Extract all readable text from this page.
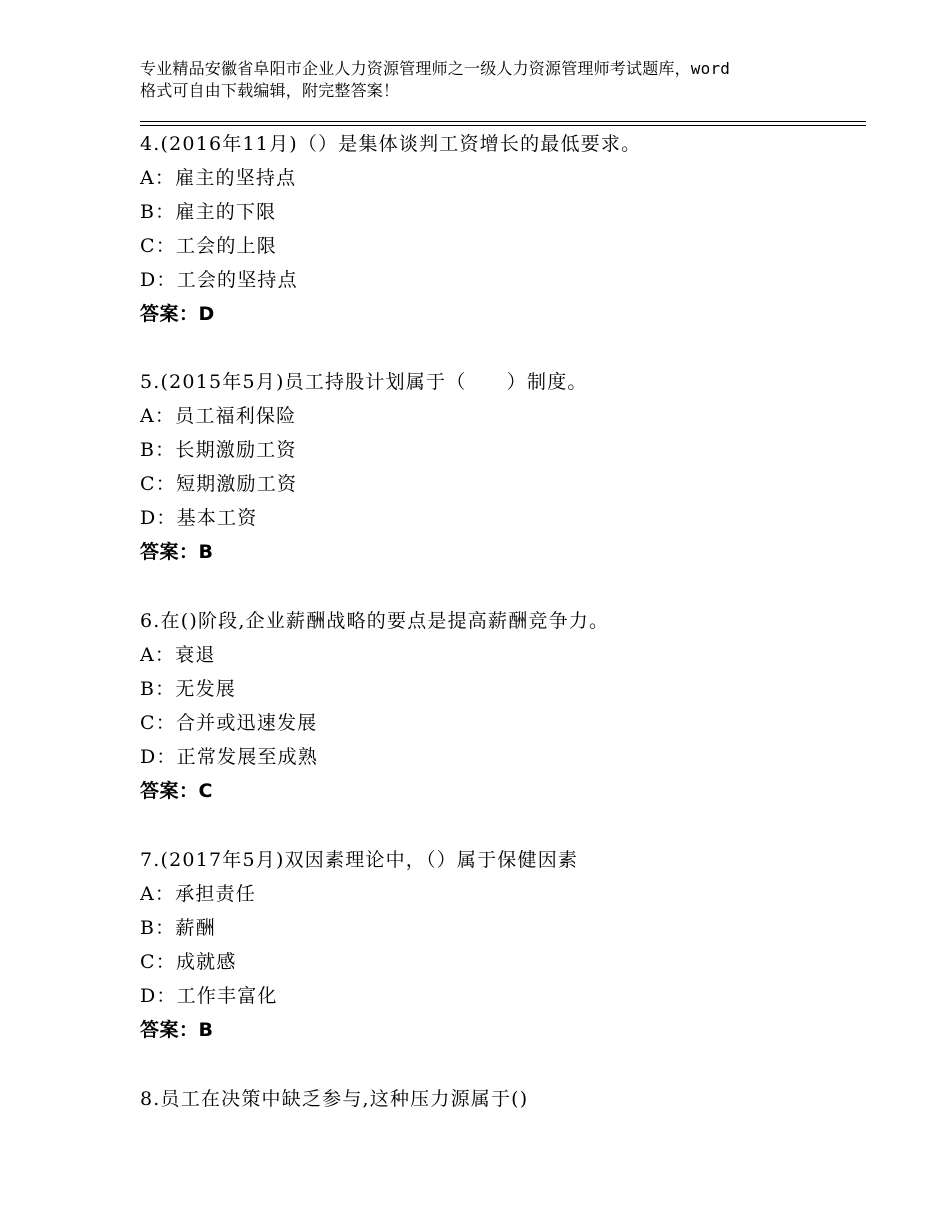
专业精品安徽省阜阳市企业人力资源管理师之一级人力资源管理师考试题库，word
格式可自由下载编辑，附完整答案！
4.(2016年11月)（）是集体谈判工资增长的最低要求。
A：雇主的坚持点
B：雇主的下限
C：工会的上限
D：工会的坚持点
答案：D
5.(2015年5月)员工持股计划属于（　　）制度。
A：员工福利保险
B：长期激励工资
C：短期激励工资
D：基本工资
答案：B
6.在()阶段,企业薪酬战略的要点是提高薪酬竞争力。
A：衰退
B：无发展
C：合并或迅速发展
D：正常发展至成熟
答案：C
7.(2017年5月)双因素理论中，（）属于保健因素
A：承担责任
B：薪酬
C：成就感
D：工作丰富化
答案：B
8.员工在决策中缺乏参与,这种压力源属于()
